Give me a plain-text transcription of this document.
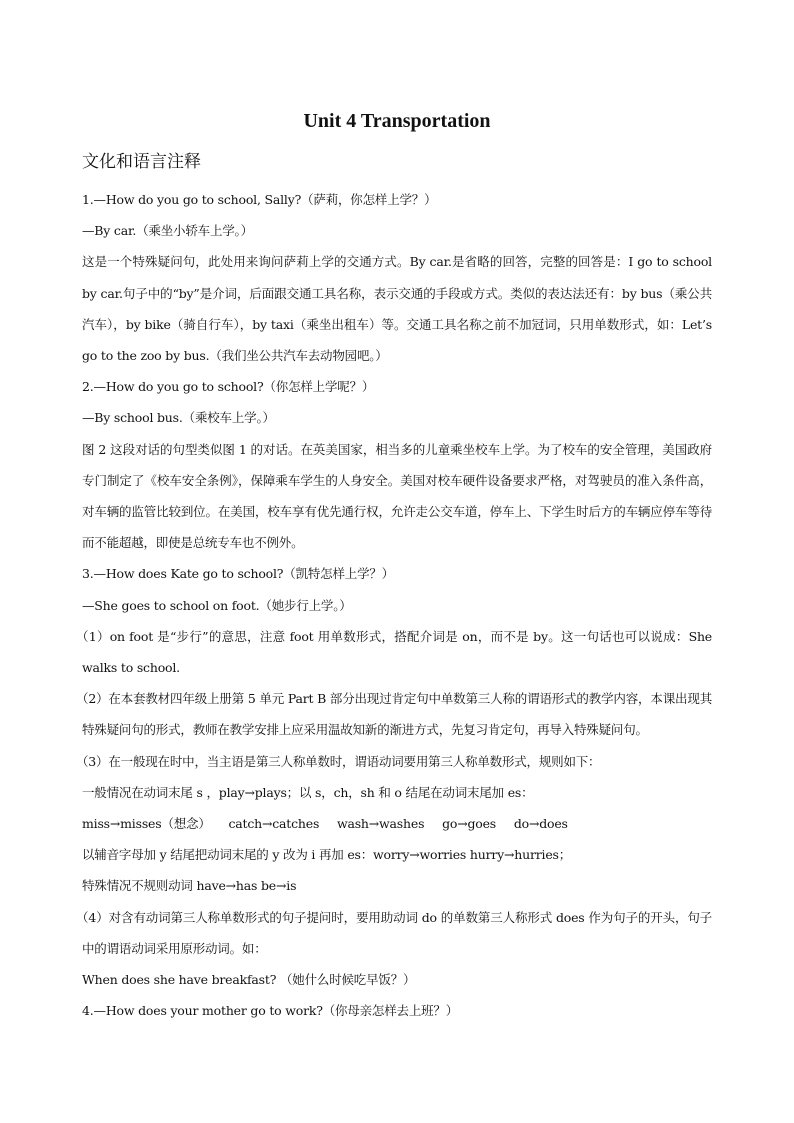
Unit 4 Transportation
文化和语言注释

1.—How do you go to school, Sally?（萨莉，你怎样上学？）

—By car.（乘坐小轿车上学。）

这是一个特殊疑问句，此处用来询问萨莉上学的交通方式。By car.是省略的回答，完整的回答是：I go to school by car.句子中的“by”是介词，后面跟交通工具名称，表示交通的手段或方式。类似的表达法还有：by bus（乘公共汽车），by bike（骑自行车），by taxi（乘坐出租车）等。交通工具名称之前不加冠词，只用单数形式，如：Let’s go to the zoo by bus.（我们坐公共汽车去动物园吧。）

2.—How do you go to school?（你怎样上学呢？）

—By school bus.（乘校车上学。）

图 2 这段对话的句型类似图 1 的对话。在英美国家，相当多的儿童乘坐校车上学。为了校车的安全管理，美国政府专门制定了《校车安全条例》，保障乘车学生的人身安全。美国对校车硬件设备要求严格，对驾驶员的准入条件高，对车辆的监管比较到位。在美国，校车享有优先通行权，允许走公交车道，停车上、下学生时后方的车辆应停车等待而不能超越，即使是总统专车也不例外。

3.—How does Kate go to school?（凯特怎样上学？）

—She goes to school on foot.（她步行上学。）

（1）on foot 是“步行”的意思，注意 foot 用单数形式，搭配介词是 on，而不是 by。这一句话也可以说成：She walks to school.

（2）在本套教材四年级上册第 5 单元 Part B 部分出现过肯定句中单数第三人称的谓语形式的教学内容，本课出现其特殊疑问句的形式，教师在教学安排上应采用温故知新的渐进方式，先复习肯定句，再导入特殊疑问句。

（3）在一般现在时中，当主语是第三人称单数时，谓语动词要用第三人称单数形式，规则如下：

一般情况在动词末尾 s ，play→plays；以 s，ch，sh 和 o 结尾在动词末尾加 es：

miss→misses（想念） catch→catches wash→washes go→goes do→does

以辅音字母加 y 结尾把动词末尾的 y 改为 i 再加 es：worry→worries hurry→hurries；

特殊情况不规则动词 have→has be→is

（4）对含有动词第三人称单数形式的句子提问时，要用助动词 do 的单数第三人称形式 does 作为句子的开头，句子中的谓语动词采用原形动词。如：

When does she have breakfast? （她什么时候吃早饭？）

4.—How does your mother go to work?（你母亲怎样去上班？）
